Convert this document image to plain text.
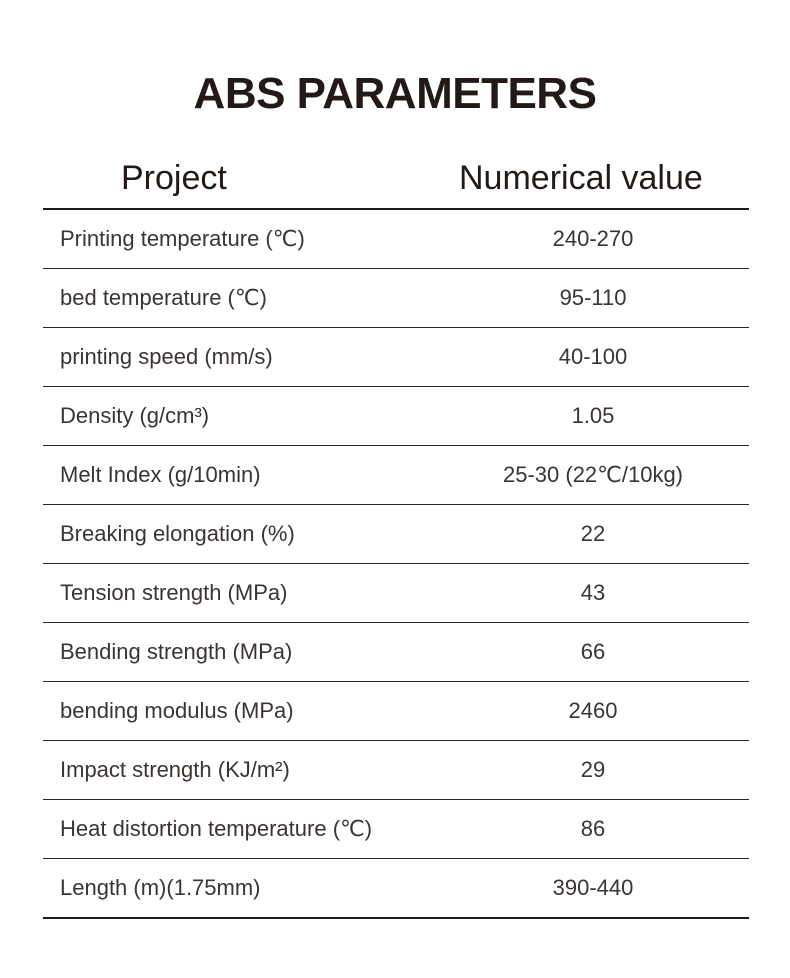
ABS PARAMETERS
Project	Numerical value
Printing temperature (℃)	240-270
bed temperature (℃)	95-110
printing speed (mm/s)	40-100
Density (g/cm³)	1.05
Melt Index (g/10min)	25-30 (22℃/10kg)
Breaking elongation (%)	22
Tension strength (MPa)	43
Bending strength (MPa)	66
bending modulus (MPa)	2460
Impact strength (KJ/m²)	29
Heat distortion temperature (℃)	86
Length (m)(1.75mm)	390-440
